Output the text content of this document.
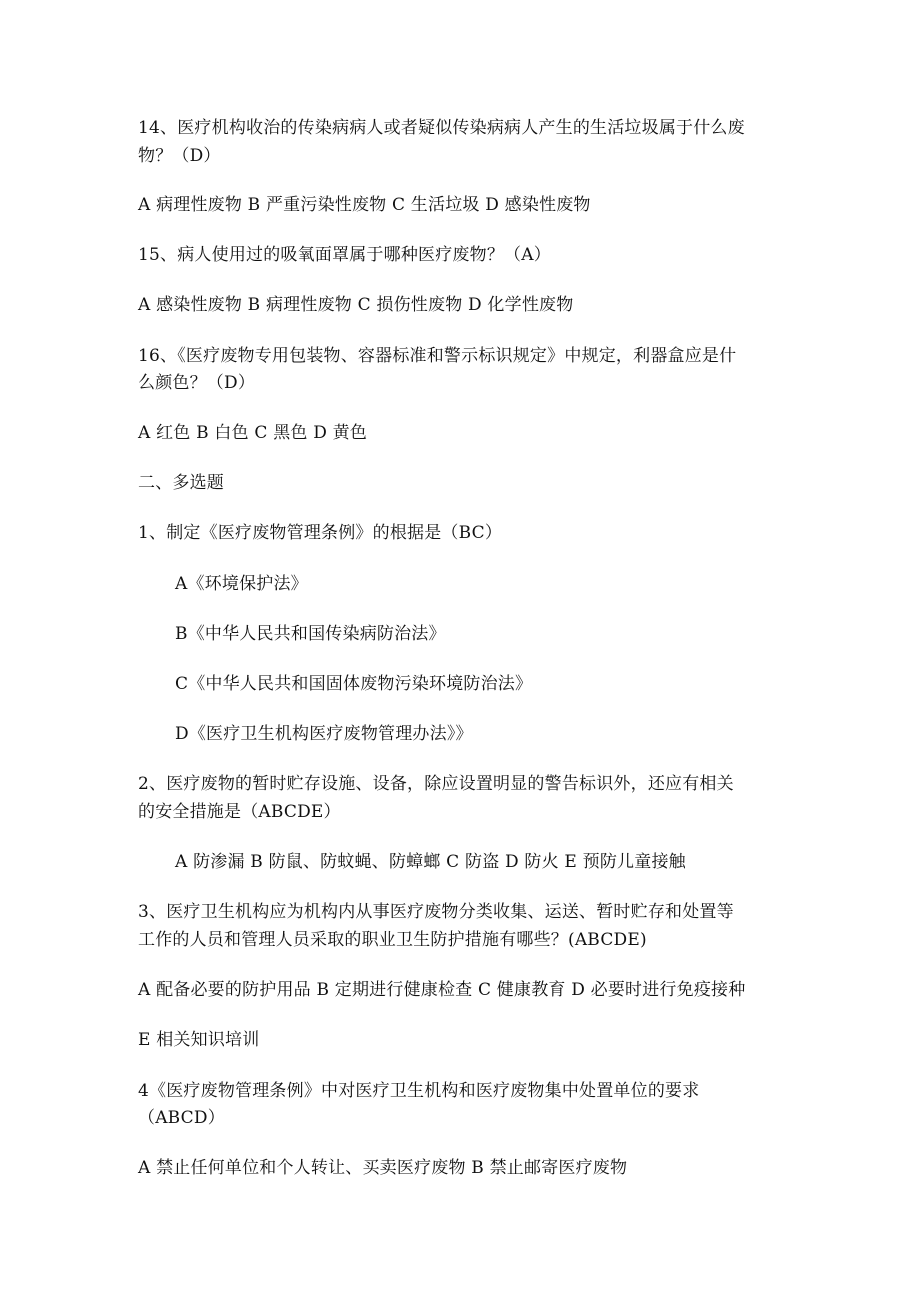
14、医疗机构收治的传染病病人或者疑似传染病病人产生的生活垃圾属于什么废
物？（D）
A 病理性废物 B 严重污染性废物 C 生活垃圾 D 感染性废物
15、病人使用过的吸氧面罩属于哪种医疗废物？（A）
A 感染性废物 B 病理性废物 C 损伤性废物 D 化学性废物
16、《医疗废物专用包装物、容器标准和警示标识规定》中规定，利器盒应是什
么颜色？（D）
A 红色 B 白色 C 黑色 D 黄色
二、多选题
1、制定《医疗废物管理条例》的根据是（BC）
A《环境保护法》
B《中华人民共和国传染病防治法》
C《中华人民共和国固体废物污染环境防治法》
D《医疗卫生机构医疗废物管理办法》》
2、医疗废物的暂时贮存设施、设备，除应设置明显的警告标识外，还应有相关
的安全措施是（ABCDE）
A 防渗漏 B 防鼠、防蚊蝇、防蟑螂 C 防盗 D 防火 E 预防儿童接触
3、医疗卫生机构应为机构内从事医疗废物分类收集、运送、暂时贮存和处置等
工作的人员和管理人员采取的职业卫生防护措施有哪些？(ABCDE)
A 配备必要的防护用品 B 定期进行健康检查 C 健康教育 D 必要时进行免疫接种
E 相关知识培训
4《医疗废物管理条例》中对医疗卫生机构和医疗废物集中处置单位的要求
（ABCD）
A 禁止任何单位和个人转让、买卖医疗废物 B 禁止邮寄医疗废物
